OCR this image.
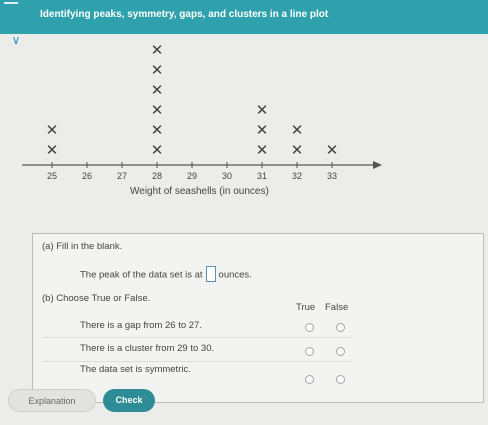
Identifying peaks, symmetry, gaps, and clusters in a line plot
∨
✕
✕
✕
✕
✕
✕
✕
✕
✕
✕
✕
✕
✕
✕
25	26	27	28	29	30	31	32	33
Weight of seashells (in ounces)
(a) Fill in the blank.
The peak of the data set is at ounces.
(b) Choose True or False.
True False
There is a gap from 26 to 27.
There is a cluster from 29 to 30.
The data set is symmetric.
Explanation	Check
